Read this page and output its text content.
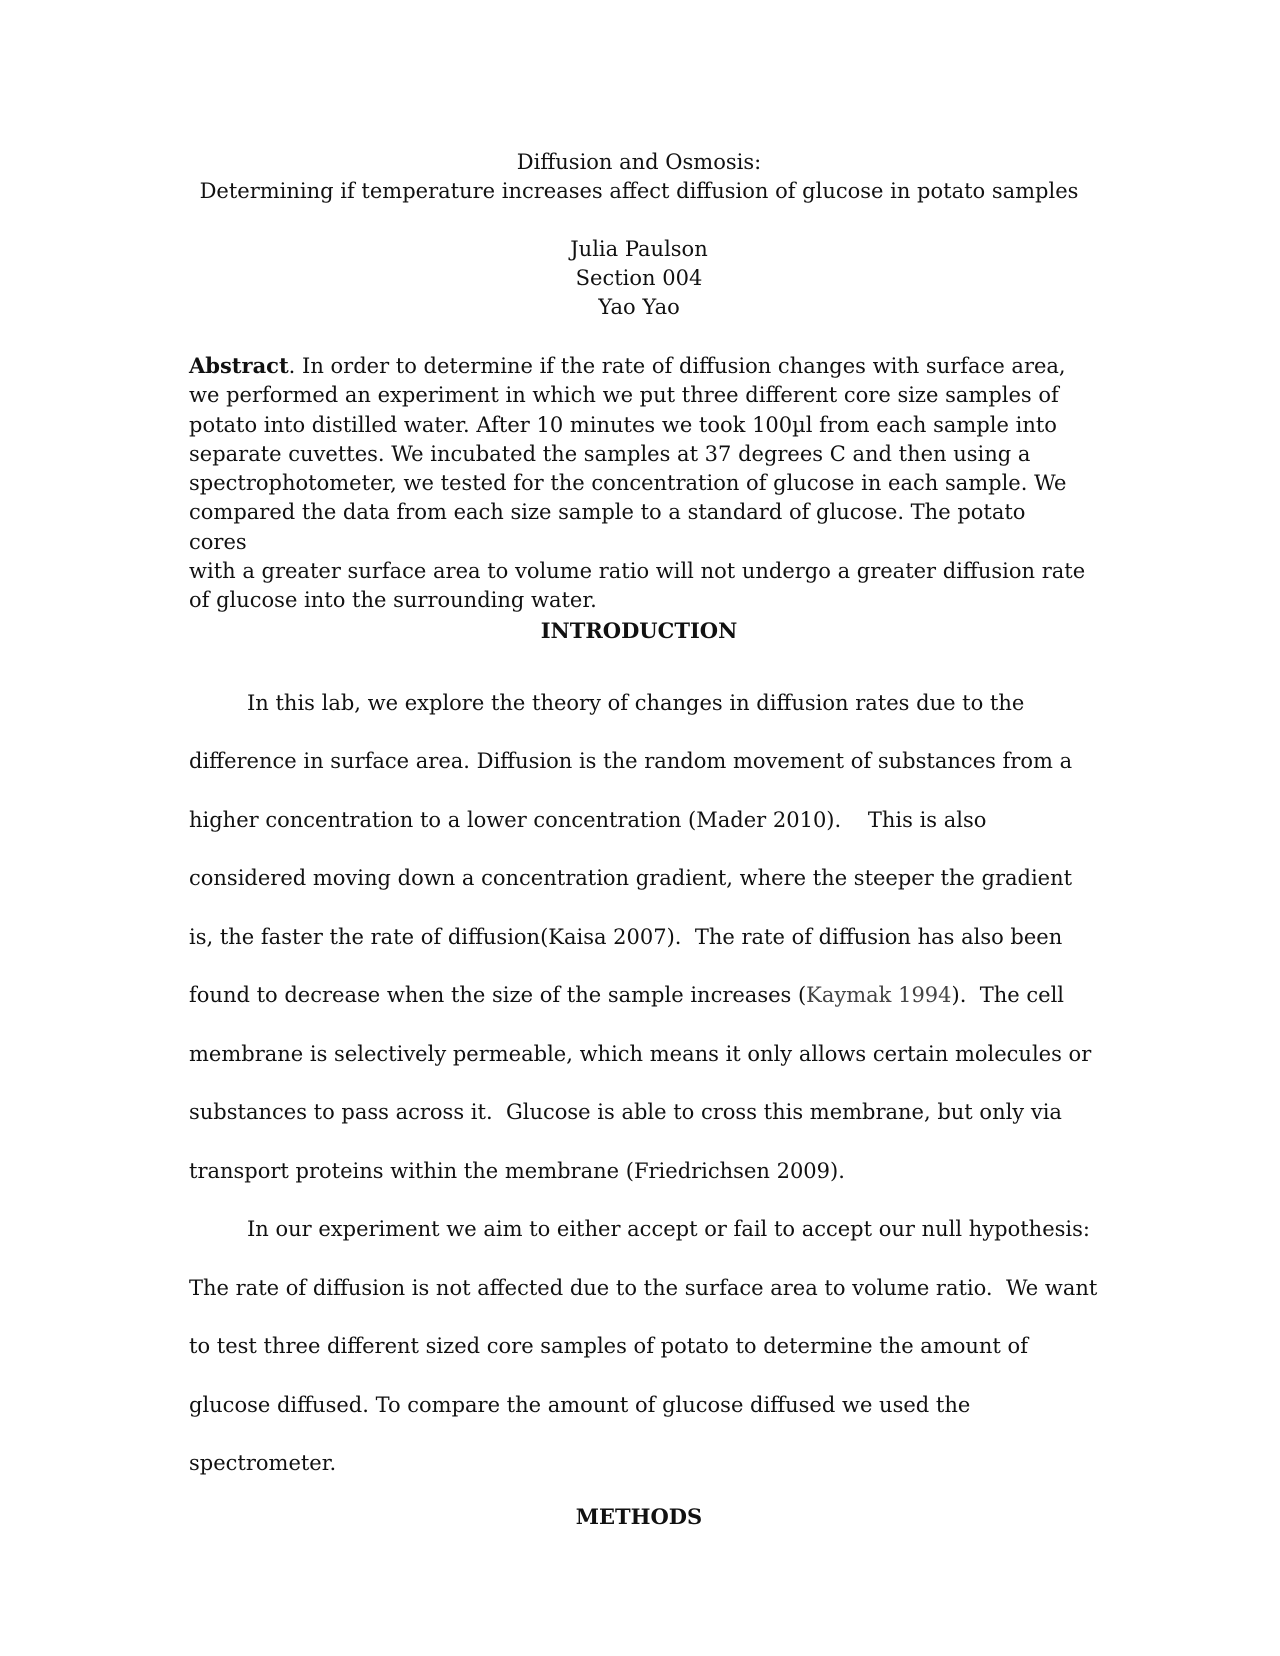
Diffusion and Osmosis:

Determining if temperature increases affect diffusion of glucose in potato samples

Julia Paulson

Section 004

Yao Yao

Abstract. In order to determine if the rate of diffusion changes with surface area,
we performed an experiment in which we put three different core size samples of
potato into distilled water. After 10 minutes we took 100µl from each sample into
separate cuvettes. We incubated the samples at 37 degrees C and then using a
spectrophotometer, we tested for the concentration of glucose in each sample. We
compared the data from each size sample to a standard of glucose. The potato cores
with a greater surface area to volume ratio will not undergo a greater diffusion rate
of glucose into the surrounding water.

INTRODUCTION

In this lab, we explore the theory of changes in diffusion rates due to the

difference in surface area. Diffusion is the random movement of substances from a

higher concentration to a lower concentration (Mader 2010).    This is also

considered moving down a concentration gradient, where the steeper the gradient

is, the faster the rate of diffusion(Kaisa 2007).  The rate of diffusion has also been

found to decrease when the size of the sample increases (Kaymak 1994).  The cell

membrane is selectively permeable, which means it only allows certain molecules or

substances to pass across it.  Glucose is able to cross this membrane, but only via

transport proteins within the membrane (Friedrichsen 2009).

In our experiment we aim to either accept or fail to accept our null hypothesis:

The rate of diffusion is not affected due to the surface area to volume ratio.  We want

to test three different sized core samples of potato to determine the amount of

glucose diffused. To compare the amount of glucose diffused we used the

spectrometer.

METHODS
